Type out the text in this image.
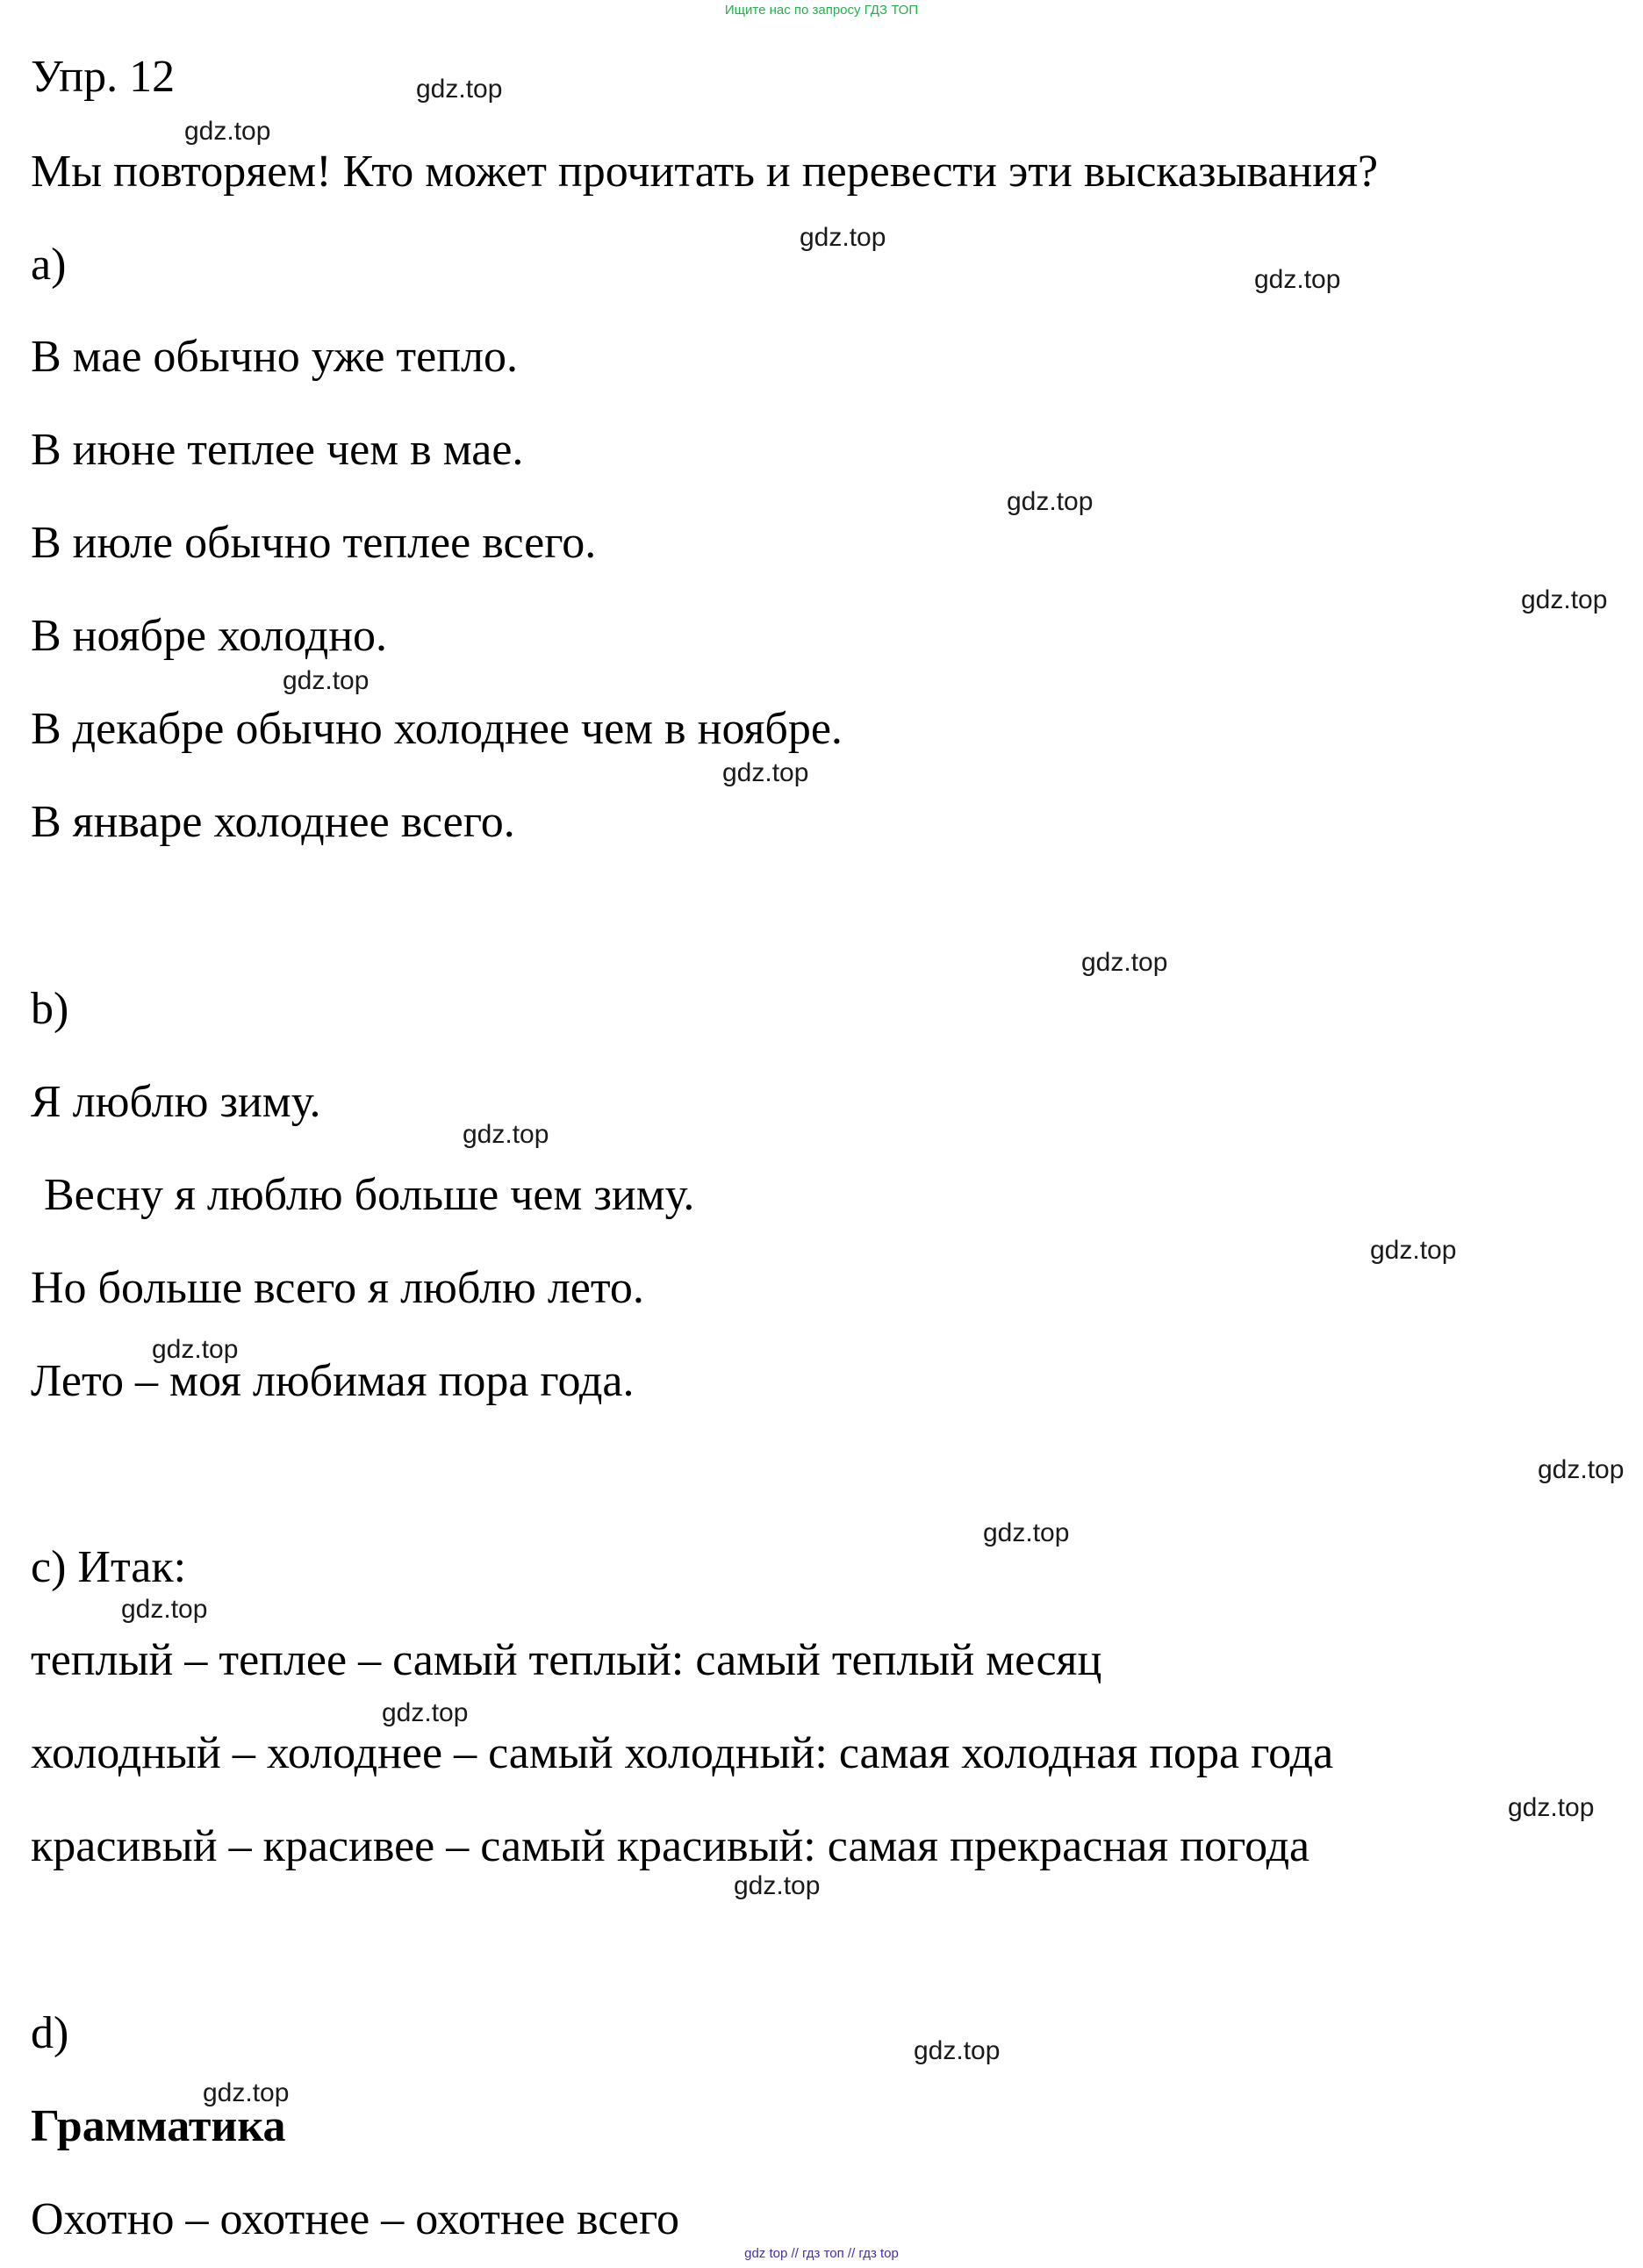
Ищите нас по запросу ГДЗ ТОП
Упр. 12
Мы повторяем! Кто может прочитать и перевести эти высказывания?
а)
В мае обычно уже тепло.
В июне теплее чем в мае.
В июле обычно теплее всего.
В ноябре холодно.
В декабре обычно холоднее чем в ноябре.
В январе холоднее всего.
b)
Я люблю зиму.
Весну я люблю больше чем зиму.
Но больше всего я люблю лето.
Лето – моя любимая пора года.
c) Итак:
теплый – теплее – самый теплый: самый теплый месяц
холодный – холоднее – самый холодный: самая холодная пора года
красивый – красивее – самый красивый: самая прекрасная погода
d)
Грамматика
Охотно – охотнее – охотнее всего
gdz.top
gdz.top
gdz.top
gdz.top
gdz.top
gdz.top
gdz.top
gdz.top
gdz.top
gdz.top
gdz.top
gdz.top
gdz.top
gdz.top
gdz.top
gdz.top
gdz.top
gdz.top
gdz.top
gdz.top
gdz top // гдз топ // гдз top
